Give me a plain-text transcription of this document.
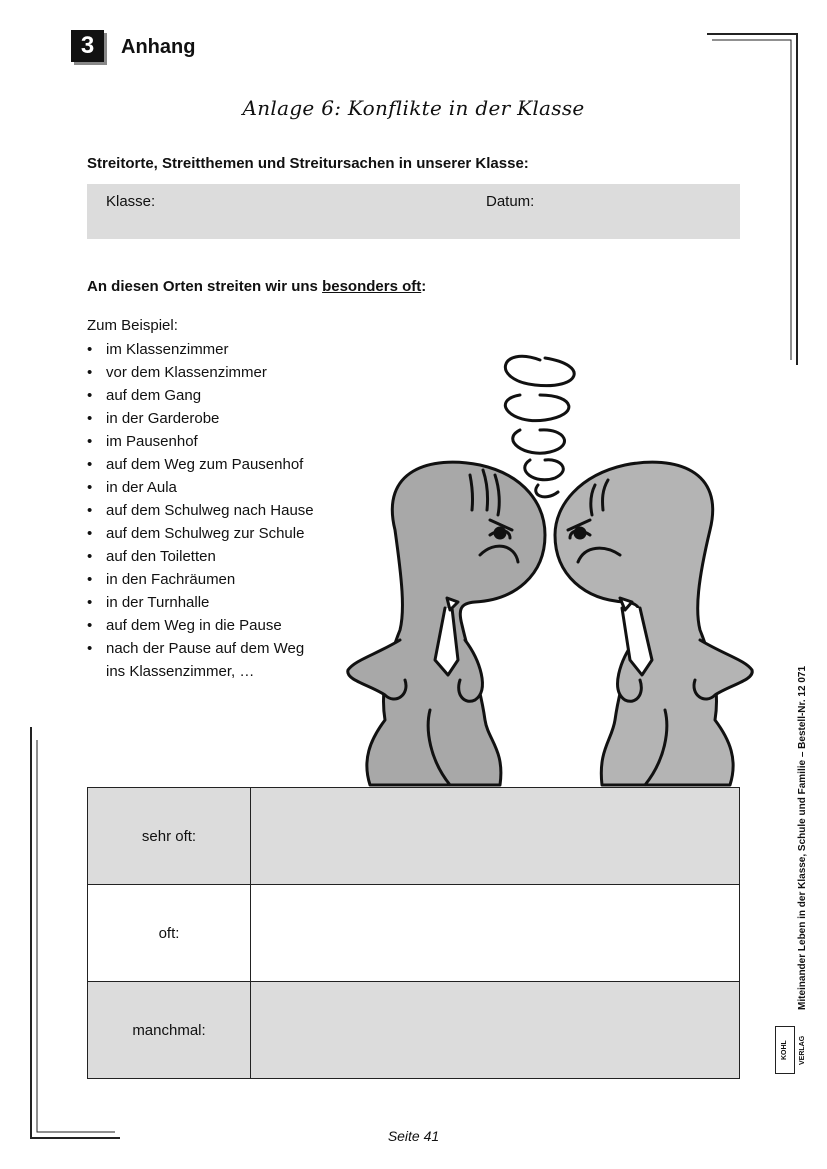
3	Anhang
Anlage 6: Konflikte in der Klasse
Streitorte, Streitthemen und Streitursachen in unserer Klasse:
Klasse:	Datum:
An diesen Orten streiten wir uns besonders oft:
Zum Beispiel:
• im Klassenzimmer
• vor dem Klassenzimmer
• auf dem Gang
• in der Garderobe
• im Pausenhof
• auf dem Weg zum Pausenhof
• in der Aula
• auf dem Schulweg nach Hause
• auf dem Schulweg zur Schule
• auf den Toiletten
• in den Fachräumen
• in der Turnhalle
• auf dem Weg in die Pause
• nach der Pause auf dem Weg ins Klassenzimmer, …
sehr oft:	
oft:	
manchmal:	
Miteinander Leben in der Klasse, Schule und Familie – Bestell-Nr. 12 071
KOHL VERLAG
Seite 41
